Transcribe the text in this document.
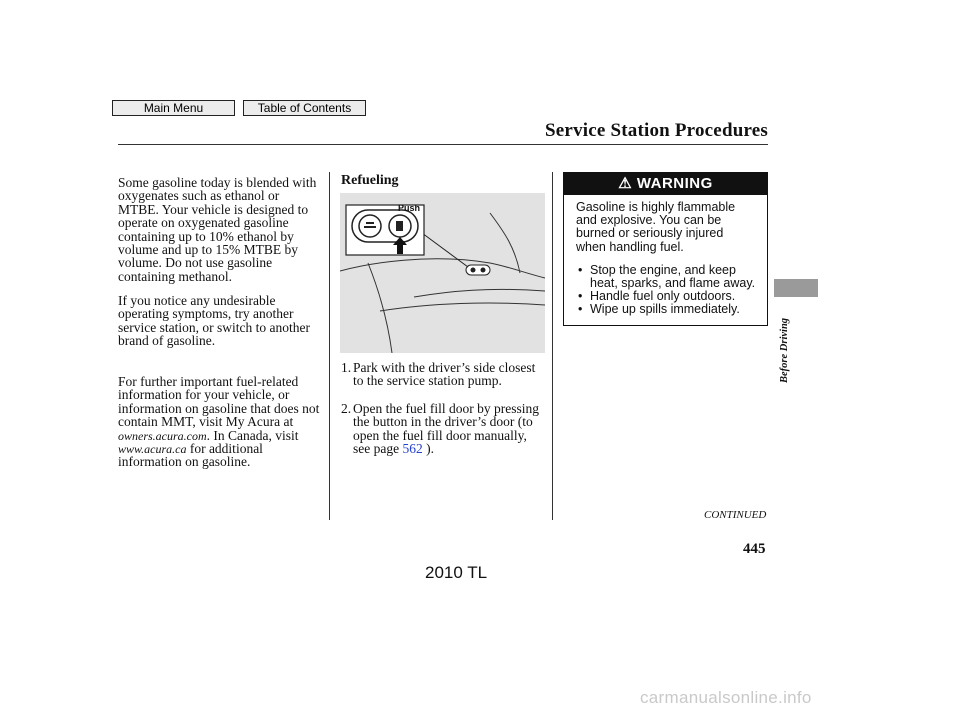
Main Menu	Table of Contents
Service Station Procedures
Some gasoline today is blended with
oxygenates such as ethanol or
MTBE. Your vehicle is designed to
operate on oxygenated gasoline
containing up to 10% ethanol by
volume and up to 15% MTBE by
volume. Do not use gasoline
containing methanol.
If you notice any undesirable
operating symptoms, try another
service station, or switch to another
brand of gasoline.
For further important fuel-related
information for your vehicle, or
information on gasoline that does not
contain MMT, visit My Acura at
owners.acura.com. In Canada, visit
www.acura.ca for additional
information on gasoline.
Refueling
Push
1. Park with the driver’s side closest
to the service station pump.
2. Open the fuel fill door by pressing
the button in the driver’s door (to
open the fuel fill door manually,
see page 562 ).
⚠ WARNING
Gasoline is highly flammable
and explosive. You can be
burned or seriously injured
when handling fuel.
• Stop the engine, and keep
heat, sparks, and flame away.
• Handle fuel only outdoors.
• Wipe up spills immediately.
Before Driving
CONTINUED
445
2010 TL
carmanualsonline.info
